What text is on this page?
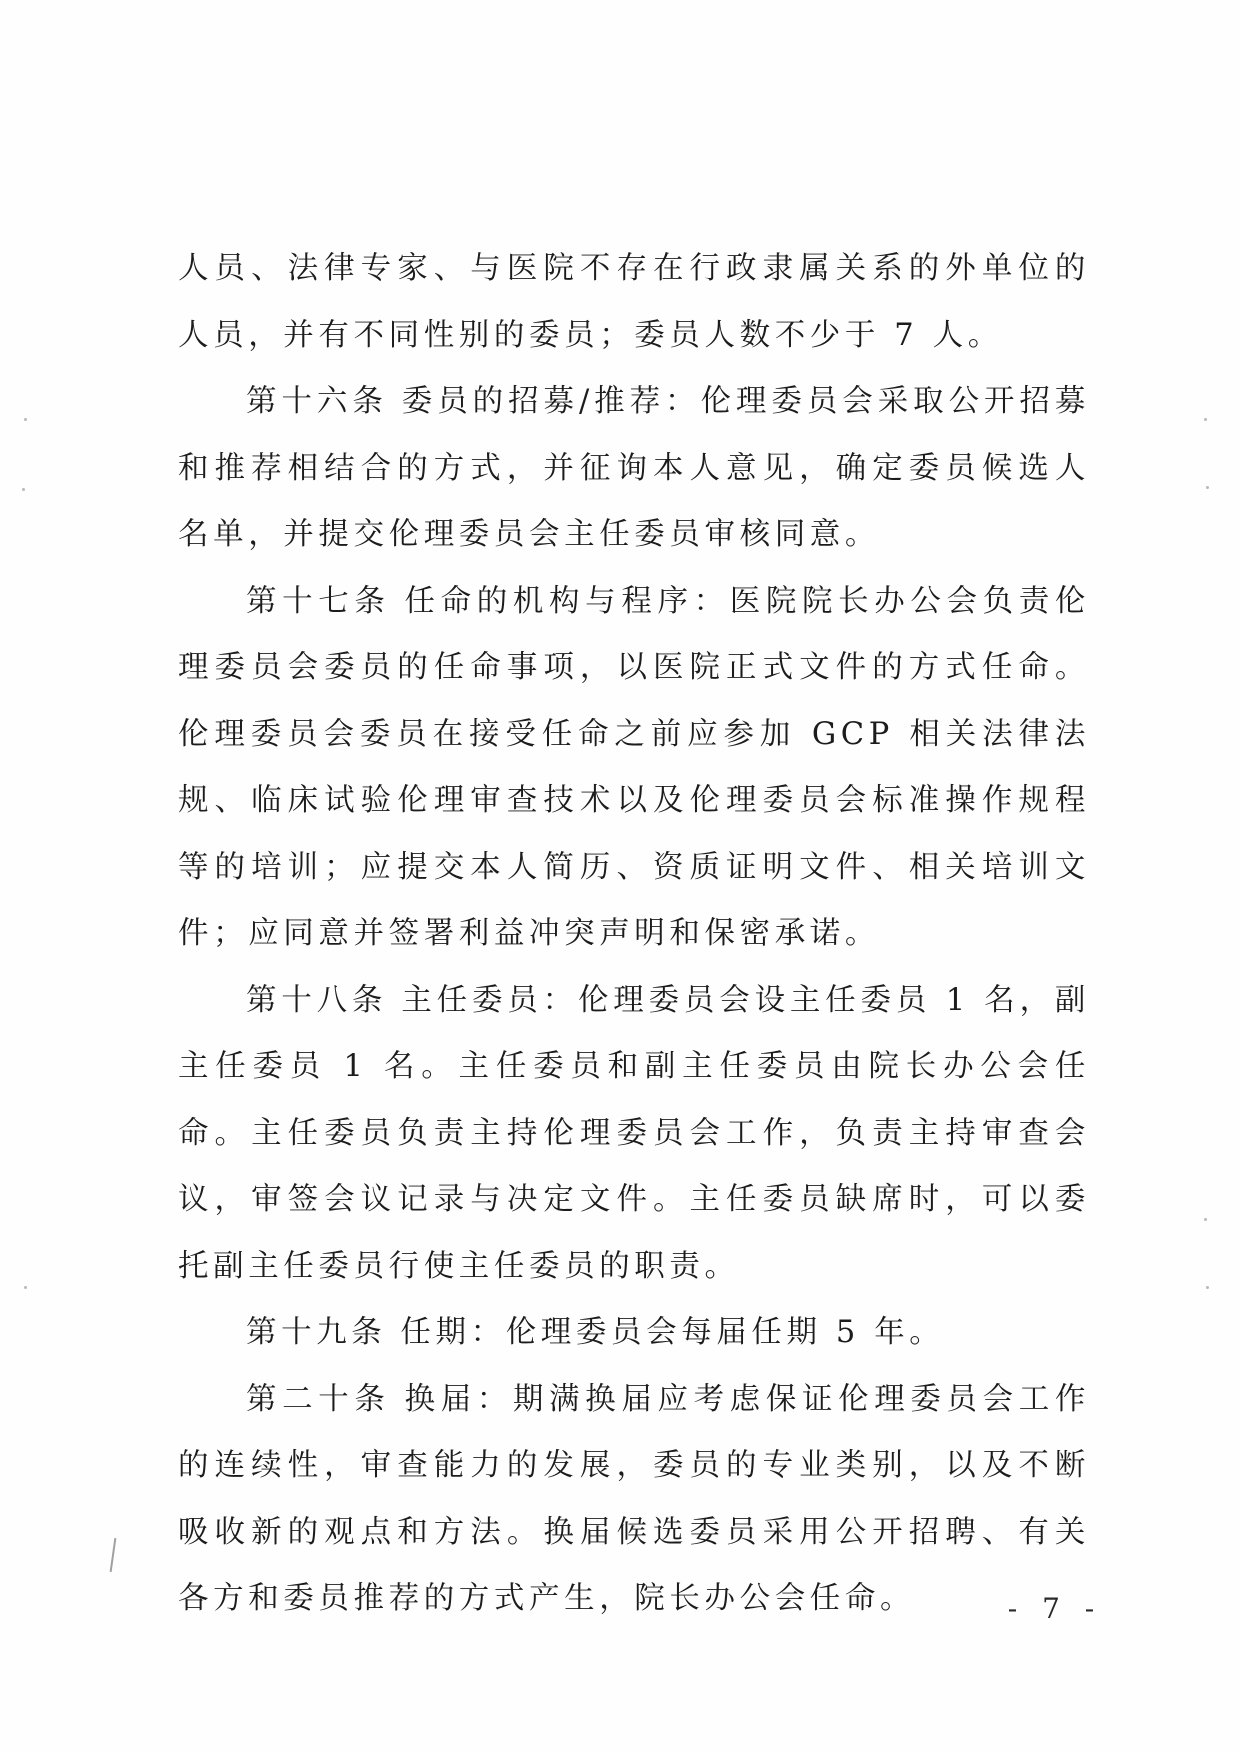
人员、法律专家、与医院不存在行政隶属关系的外单位的人员，并有不同性别的委员；委员人数不少于 7 人。

第十六条 委员的招募/推荐：伦理委员会采取公开招募和推荐相结合的方式，并征询本人意见，确定委员候选人名单，并提交伦理委员会主任委员审核同意。

第十七条 任命的机构与程序：医院院长办公会负责伦理委员会委员的任命事项，以医院正式文件的方式任命。伦理委员会委员在接受任命之前应参加 GCP 相关法律法规、临床试验伦理审查技术以及伦理委员会标准操作规程等的培训；应提交本人简历、资质证明文件、相关培训文件；应同意并签署利益冲突声明和保密承诺。

第十八条 主任委员：伦理委员会设主任委员 1 名，副主任委员 1 名。主任委员和副主任委员由院长办公会任命。主任委员负责主持伦理委员会工作，负责主持审查会议，审签会议记录与决定文件。主任委员缺席时，可以委托副主任委员行使主任委员的职责。

第十九条 任期：伦理委员会每届任期 5 年。

第二十条 换届：期满换届应考虑保证伦理委员会工作的连续性，审查能力的发展，委员的专业类别，以及不断吸收新的观点和方法。换届候选委员采用公开招聘、有关各方和委员推荐的方式产生，院长办公会任命。	- 7 -
